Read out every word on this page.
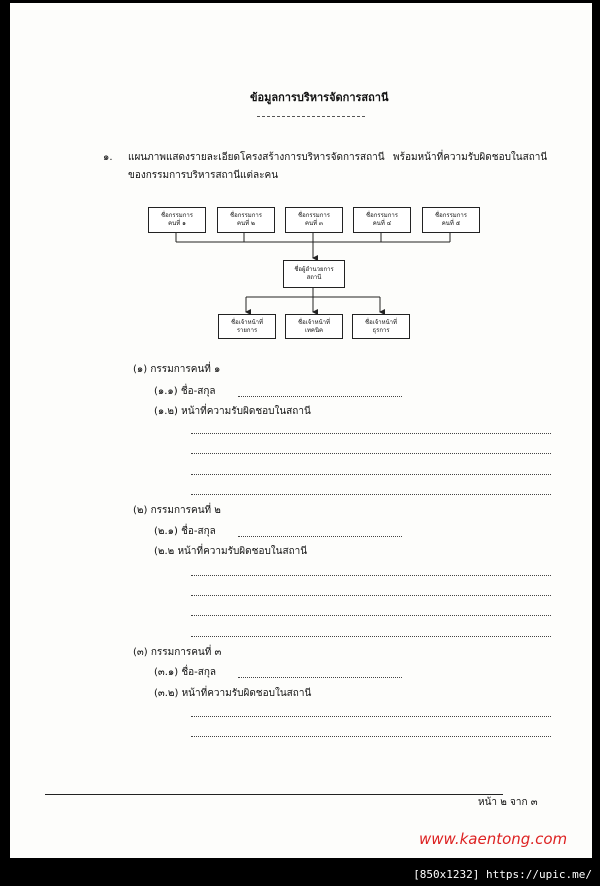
ข้อมูลการบริหารจัดการสถานี
๑. แผนภาพแสดงรายละเอียดโครงสร้างการบริหารจัดการสถานี พร้อมหน้าที่ความรับผิดชอบในสถานี
ของกรรมการบริหารสถานีแต่ละคน
ชื่อกรรมการ
คนที่ ๑
ชื่อกรรมการ
คนที่ ๒
ชื่อกรรมการ
คนที่ ๓
ชื่อกรรมการ
คนที่ ๔
ชื่อกรรมการ
คนที่ ๕
ชื่อผู้อำนวยการ
สถานี
ชื่อเจ้าหน้าที่
รายการ
ชื่อเจ้าหน้าที่
เทคนิค
ชื่อเจ้าหน้าที่
ธุรการ
(๑) กรรมการคนที่ ๑
(๑.๑) ชื่อ-สกุล
(๑.๒) หน้าที่ความรับผิดชอบในสถานี
(๒) กรรมการคนที่ ๒
(๒.๑) ชื่อ-สกุล
(๒.๒ หน้าที่ความรับผิดชอบในสถานี
(๓) กรรมการคนที่ ๓
(๓.๑) ชื่อ-สกุล
(๓.๒) หน้าที่ความรับผิดชอบในสถานี
หน้า ๒ จาก ๓
www.kaentong.com
[850x1232] https://upic.me/
